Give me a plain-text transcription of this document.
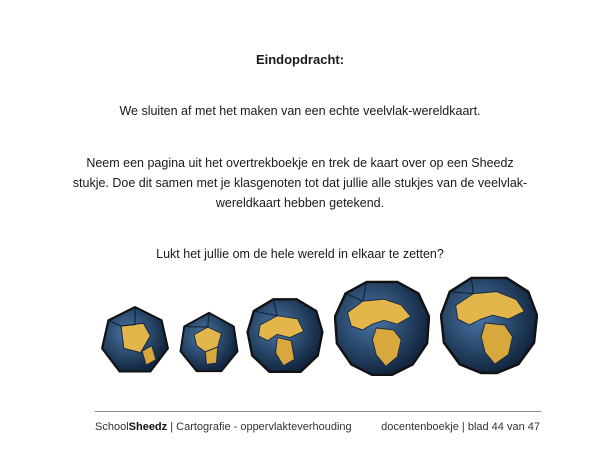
Eindopdracht:
We sluiten af met het maken van een echte veelvlak-wereldkaart.
Neem een pagina uit het overtrekboekje en trek de kaart over op een Sheedz stukje. Doe dit samen met je klasgenoten tot dat jullie alle stukjes van de veelvlak-wereldkaart hebben getekend.
Lukt het jullie om de hele wereld in elkaar te zetten?
SchoolSheedz | Cartografie - oppervlakteverhouding	docentenboekje | blad 44 van 47
